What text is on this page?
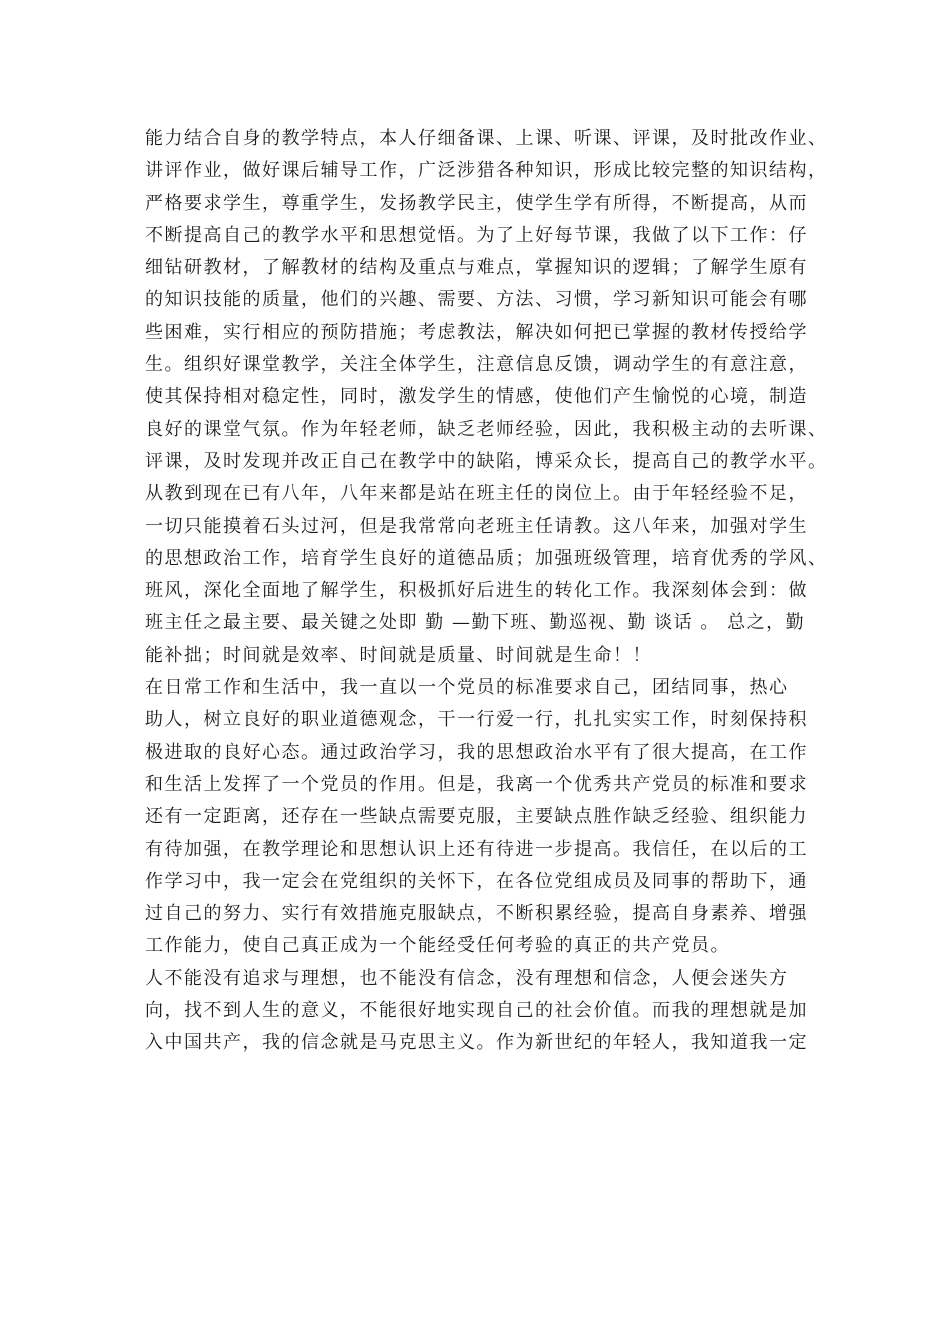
能力结合自身的教学特点，本人仔细备课、上课、听课、评课，及时批改作业、
讲评作业，做好课后辅导工作，广泛涉猎各种知识，形成比较完整的知识结构，
严格要求学生，尊重学生，发扬教学民主，使学生学有所得，不断提高，从而
不断提高自己的教学水平和思想觉悟。为了上好每节课，我做了以下工作：仔
细钻研教材，了解教材的结构及重点与难点，掌握知识的逻辑；了解学生原有
的知识技能的质量，他们的兴趣、需要、方法、习惯，学习新知识可能会有哪
些困难，实行相应的预防措施；考虑教法，解决如何把已掌握的教材传授给学
生。组织好课堂教学，关注全体学生，注意信息反馈，调动学生的有意注意，
使其保持相对稳定性，同时，激发学生的情感，使他们产生愉悦的心境，制造
良好的课堂气氛。作为年轻老师，缺乏老师经验，因此，我积极主动的去听课、
评课，及时发现并改正自己在教学中的缺陷，博采众长，提高自己的教学水平。
从教到现在已有八年，八年来都是站在班主任的岗位上。由于年轻经验不足，
一切只能摸着石头过河，但是我常常向老班主任请教。这八年来，加强对学生
的思想政治工作，培育学生良好的道德品质；加强班级管理，培育优秀的学风、
班风，深化全面地了解学生，积极抓好后进生的转化工作。我深刻体会到：做
班主任之最主要、最关键之处即 勤 —勤下班、勤巡视、勤 谈话 。 总之，勤
能补拙；时间就是效率、时间就是质量、时间就是生命！！
在日常工作和生活中，我一直以一个党员的标准要求自己，团结同事，热心
助人，树立良好的职业道德观念，干一行爱一行，扎扎实实工作，时刻保持积
极进取的良好心态。通过政治学习，我的思想政治水平有了很大提高，在工作
和生活上发挥了一个党员的作用。但是，我离一个优秀共产党员的标准和要求
还有一定距离，还存在一些缺点需要克服，主要缺点胜作缺乏经验、组织能力
有待加强，在教学理论和思想认识上还有待进一步提高。我信任，在以后的工
作学习中，我一定会在党组织的关怀下，在各位党组成员及同事的帮助下，通
过自己的努力、实行有效措施克服缺点，不断积累经验，提高自身素养、增强
工作能力，使自己真正成为一个能经受任何考验的真正的共产党员。
人不能没有追求与理想，也不能没有信念，没有理想和信念，人便会迷失方
向，找不到人生的意义，不能很好地实现自己的社会价值。而我的理想就是加
入中国共产，我的信念就是马克思主义。作为新世纪的年轻人，我知道我一定
